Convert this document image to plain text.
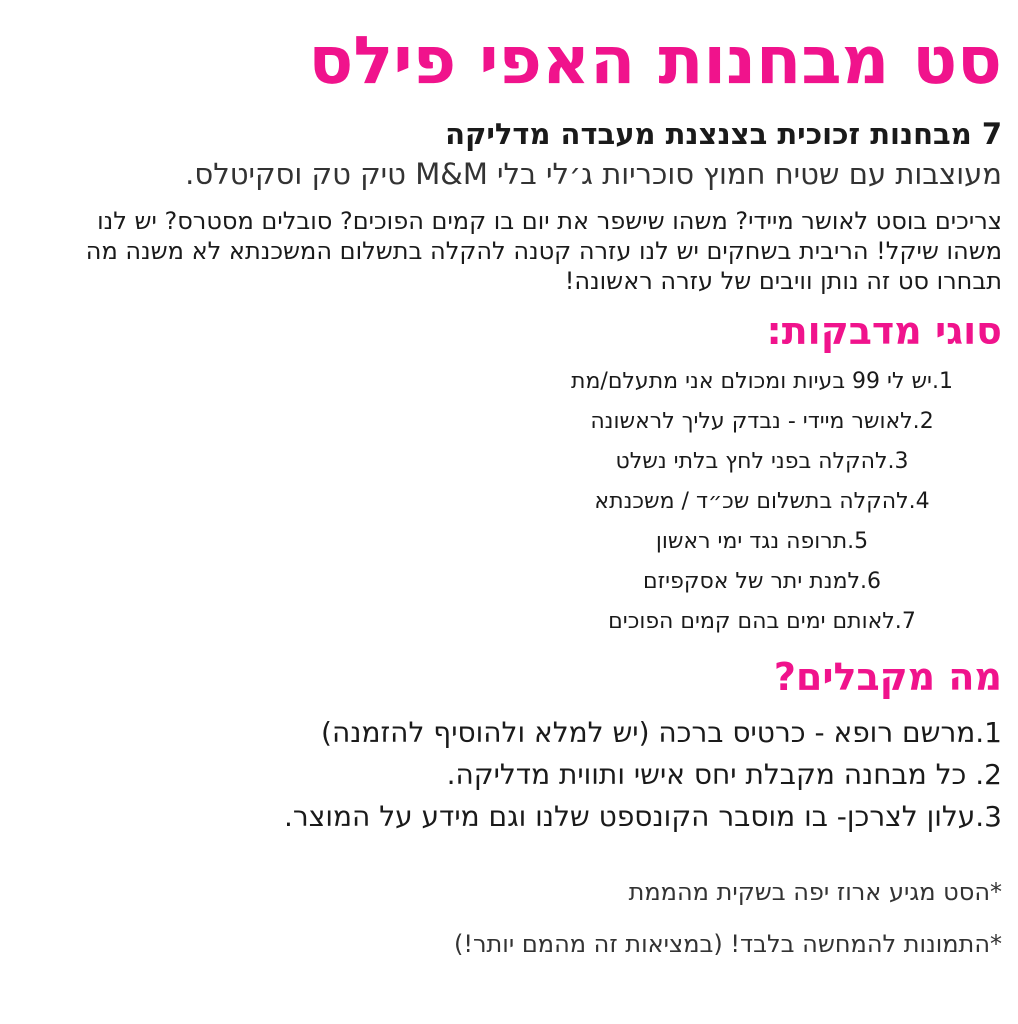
סט מבחנות האפי פילס
7 מבחנות זכוכית בצנצנת מעבדה מדליקה
מעוצבות עם שטיח חמוץ סוכריות ג׳לי בלי M&M טיק טק וסקיטלס.

צריכים בוסט לאושר מיידי? משהו שישפר את יום בו קמים הפוכים? סובלים מסטרס? יש לנו משהו שיקל! הריבית בשחקים יש לנו עזרה קטנה להקלה בתשלום המשכנתא לא משנה מה תבחרו סט זה נותן וויבים של עזרה ראשונה!

סוגי מדבקות:
1.יש לי 99 בעיות ומכולם אני מתעלם/מת
2.לאושר מיידי - נבדק עליך לראשונה
3.להקלה בפני לחץ בלתי נשלט
4.להקלה בתשלום שכ״ד / משכנתא
5.תרופה נגד ימי ראשון
6.למנת יתר של אסקפיזם
7.לאותם ימים בהם קמים הפוכים
מה מקבלים?
1.מרשם רופא - כרטיס ברכה (יש למלא ולהוסיף להזמנה)
2. כל מבחנה מקבלת יחס אישי ותווית מדליקה.
3.עלון לצרכן- בו מוסבר הקונספט שלנו וגם מידע על המוצר.

*הסט מגיע ארוז יפה בשקית מהממת

*התמונות להמחשה בלבד! (במציאות זה מהמם יותר!)
